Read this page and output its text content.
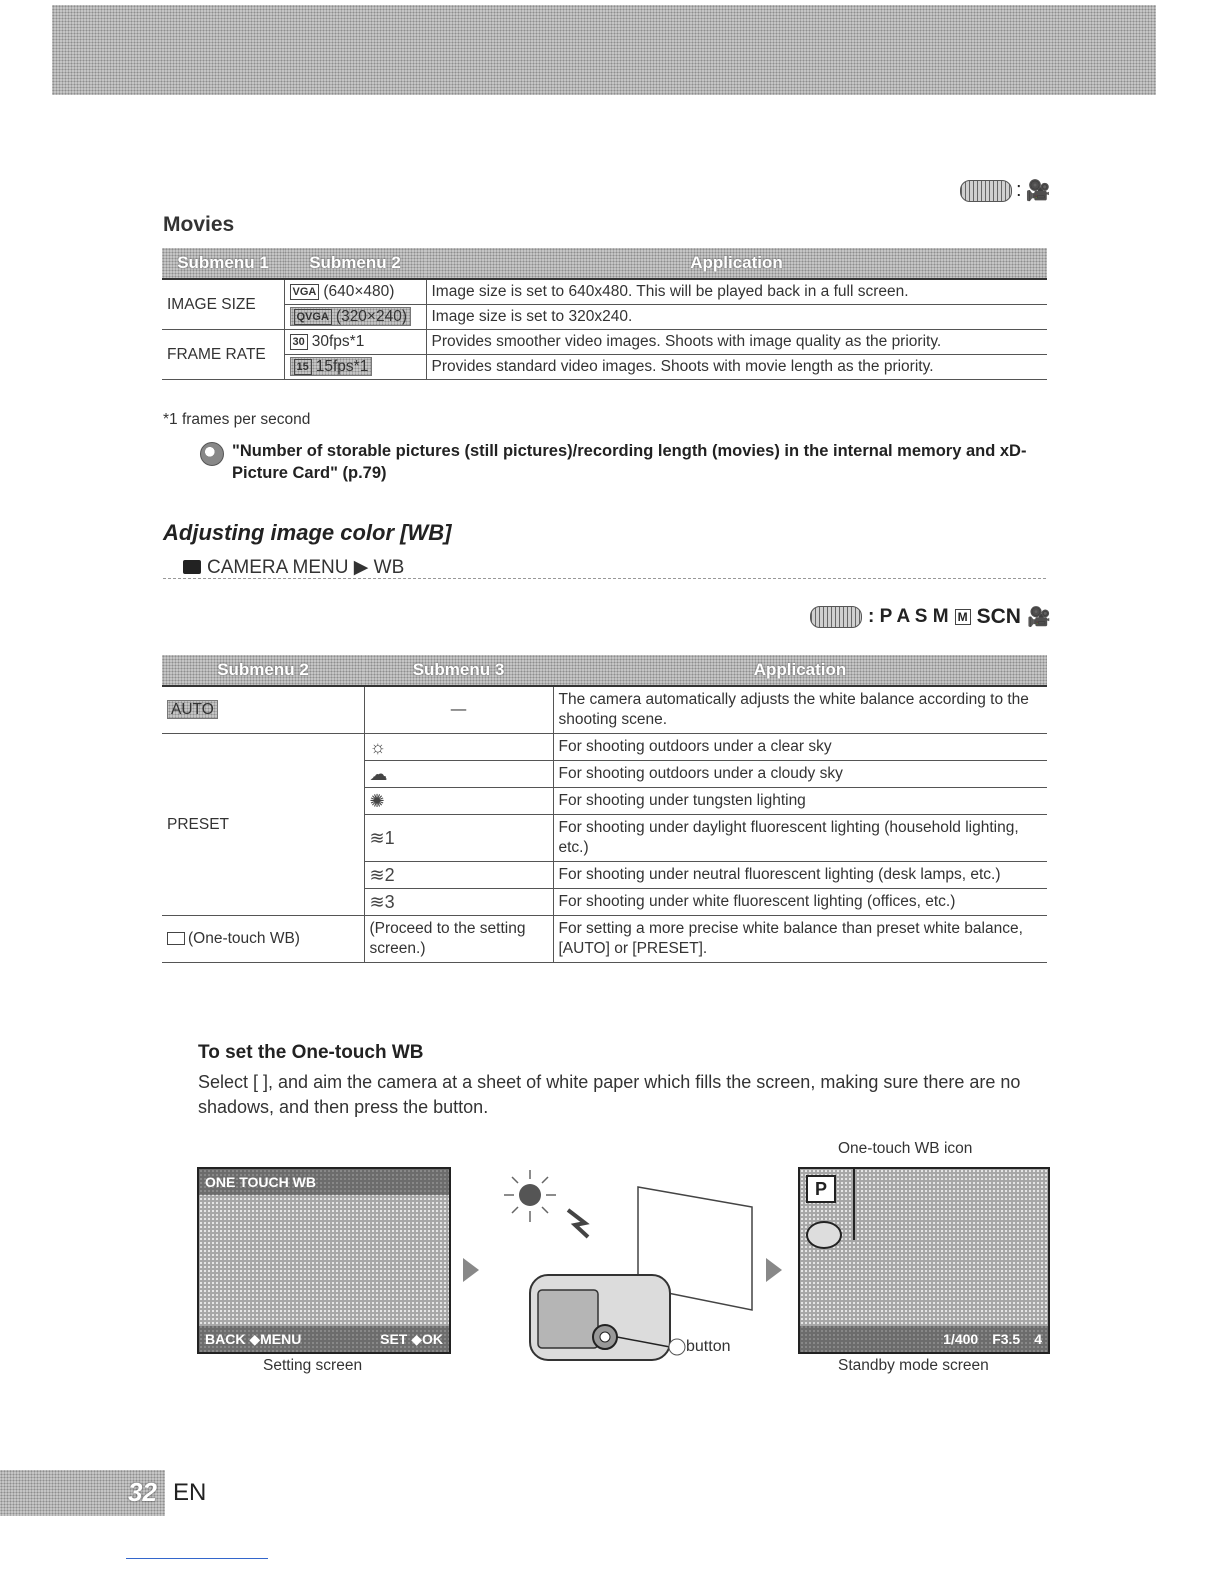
: 🎥
Movies
Submenu 1	Submenu 2	Application
IMAGE SIZE	VGA (640×480)	Image size is set to 640x480. This will be played back in a full screen.
	QVGA (320×240)	Image size is set to 320x240.
FRAME RATE	30 30fps*1	Provides smoother video images. Shoots with image quality as the priority.
	15 15fps*1	Provides standard video images. Shoots with movie length as the priority.
*1 frames per second
"Number of storable pictures (still pictures)/recording length (movies) in the internal memory and xD-Picture Card" (p.79)
Adjusting image color [WB]
CAMERA MENU ▶ WB
: P A S M M SCN 🎥
Submenu 2	Submenu 3	Application
AUTO	—	The camera automatically adjusts the white balance according to the shooting scene.
PRESET	☼	For shooting outdoors under a clear sky
	☁	For shooting outdoors under a cloudy sky
	✺	For shooting under tungsten lighting
	≋1	For shooting under daylight fluorescent lighting (household lighting, etc.)
	≋2	For shooting under neutral fluorescent lighting (desk lamps, etc.)
	≋3	For shooting under white fluorescent lighting (offices, etc.)
(One-touch WB)	(Proceed to the setting screen.)	For setting a more precise white balance than preset white balance, [AUTO] or [PRESET].
To set the One-touch WB
Select [ ], and aim the camera at a sheet of white paper which fills the screen, making sure there are no shadows, and then press the button.
One-touch WB icon
ONE TOUCH WB
BACK ◆MENU	SET ◆OK
Setting screen
button
P
1/400 F3.5 4
Standby mode screen
32 EN
